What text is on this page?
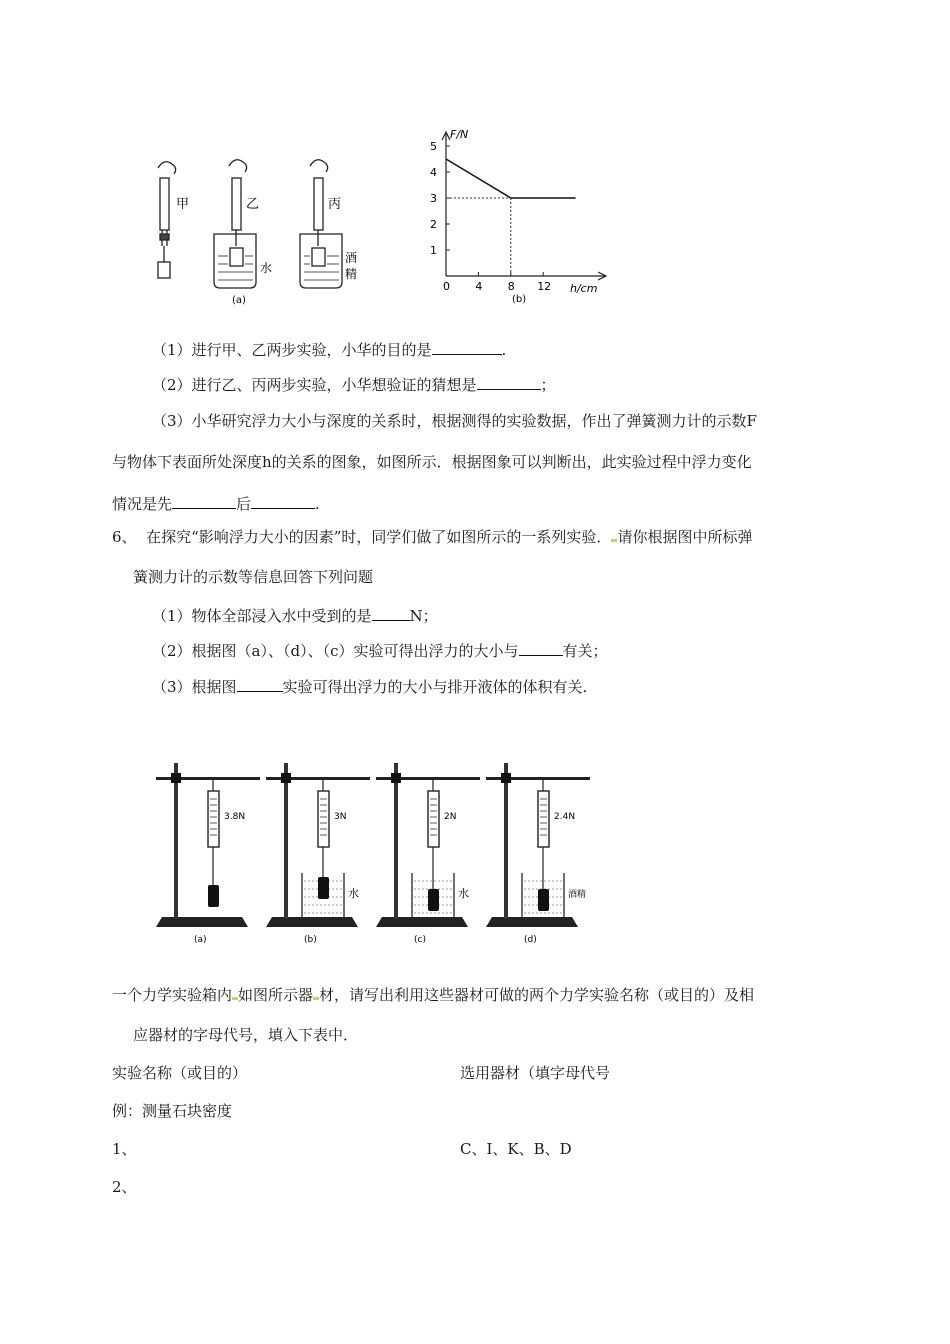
甲	乙	丙
水
酒
精
(a)
F/N
h/cm
(b)
1
2
3
4
5
0 4 8 12
（1）进行甲、乙两步实验，小华的目的是	.
（2）进行乙、丙两步实验，小华想验证的猜想是	；
（3）小华研究浮力大小与深度的关系时，根据测得的实验数据，作出了弹簧测力计的示数F
与物体下表面所处深度h的关系的图象，如图所示．根据图象可以判断出，此实验过程中浮力变化
情况是先	后	.
6、 在探究“影响浮力大小的因素”时，同学们做了如图所示的一系列实验． 请你根据图中所标弹
簧测力计的示数等信息回答下列问题
（1）物体全部浸入水中受到的是	N；
（2）根据图（a）、（d）、（c）实验可得出浮力的大小与	有关；
（3）根据图	实验可得出浮力的大小与排开液体的体积有关.
3.8N
(a)
3N
水
(b)
2N
水
(c)
2.4N
酒精
(d)
一个力学实验箱内 如图所示器 材，请写出利用这些器材可做的两个力学实验名称（或目的）及相
应器材的字母代号，填入下表中．
实验名称（或目的）	选用器材（填字母代号
例：测量石块密度
1、	C、I、K、B、D
2、
